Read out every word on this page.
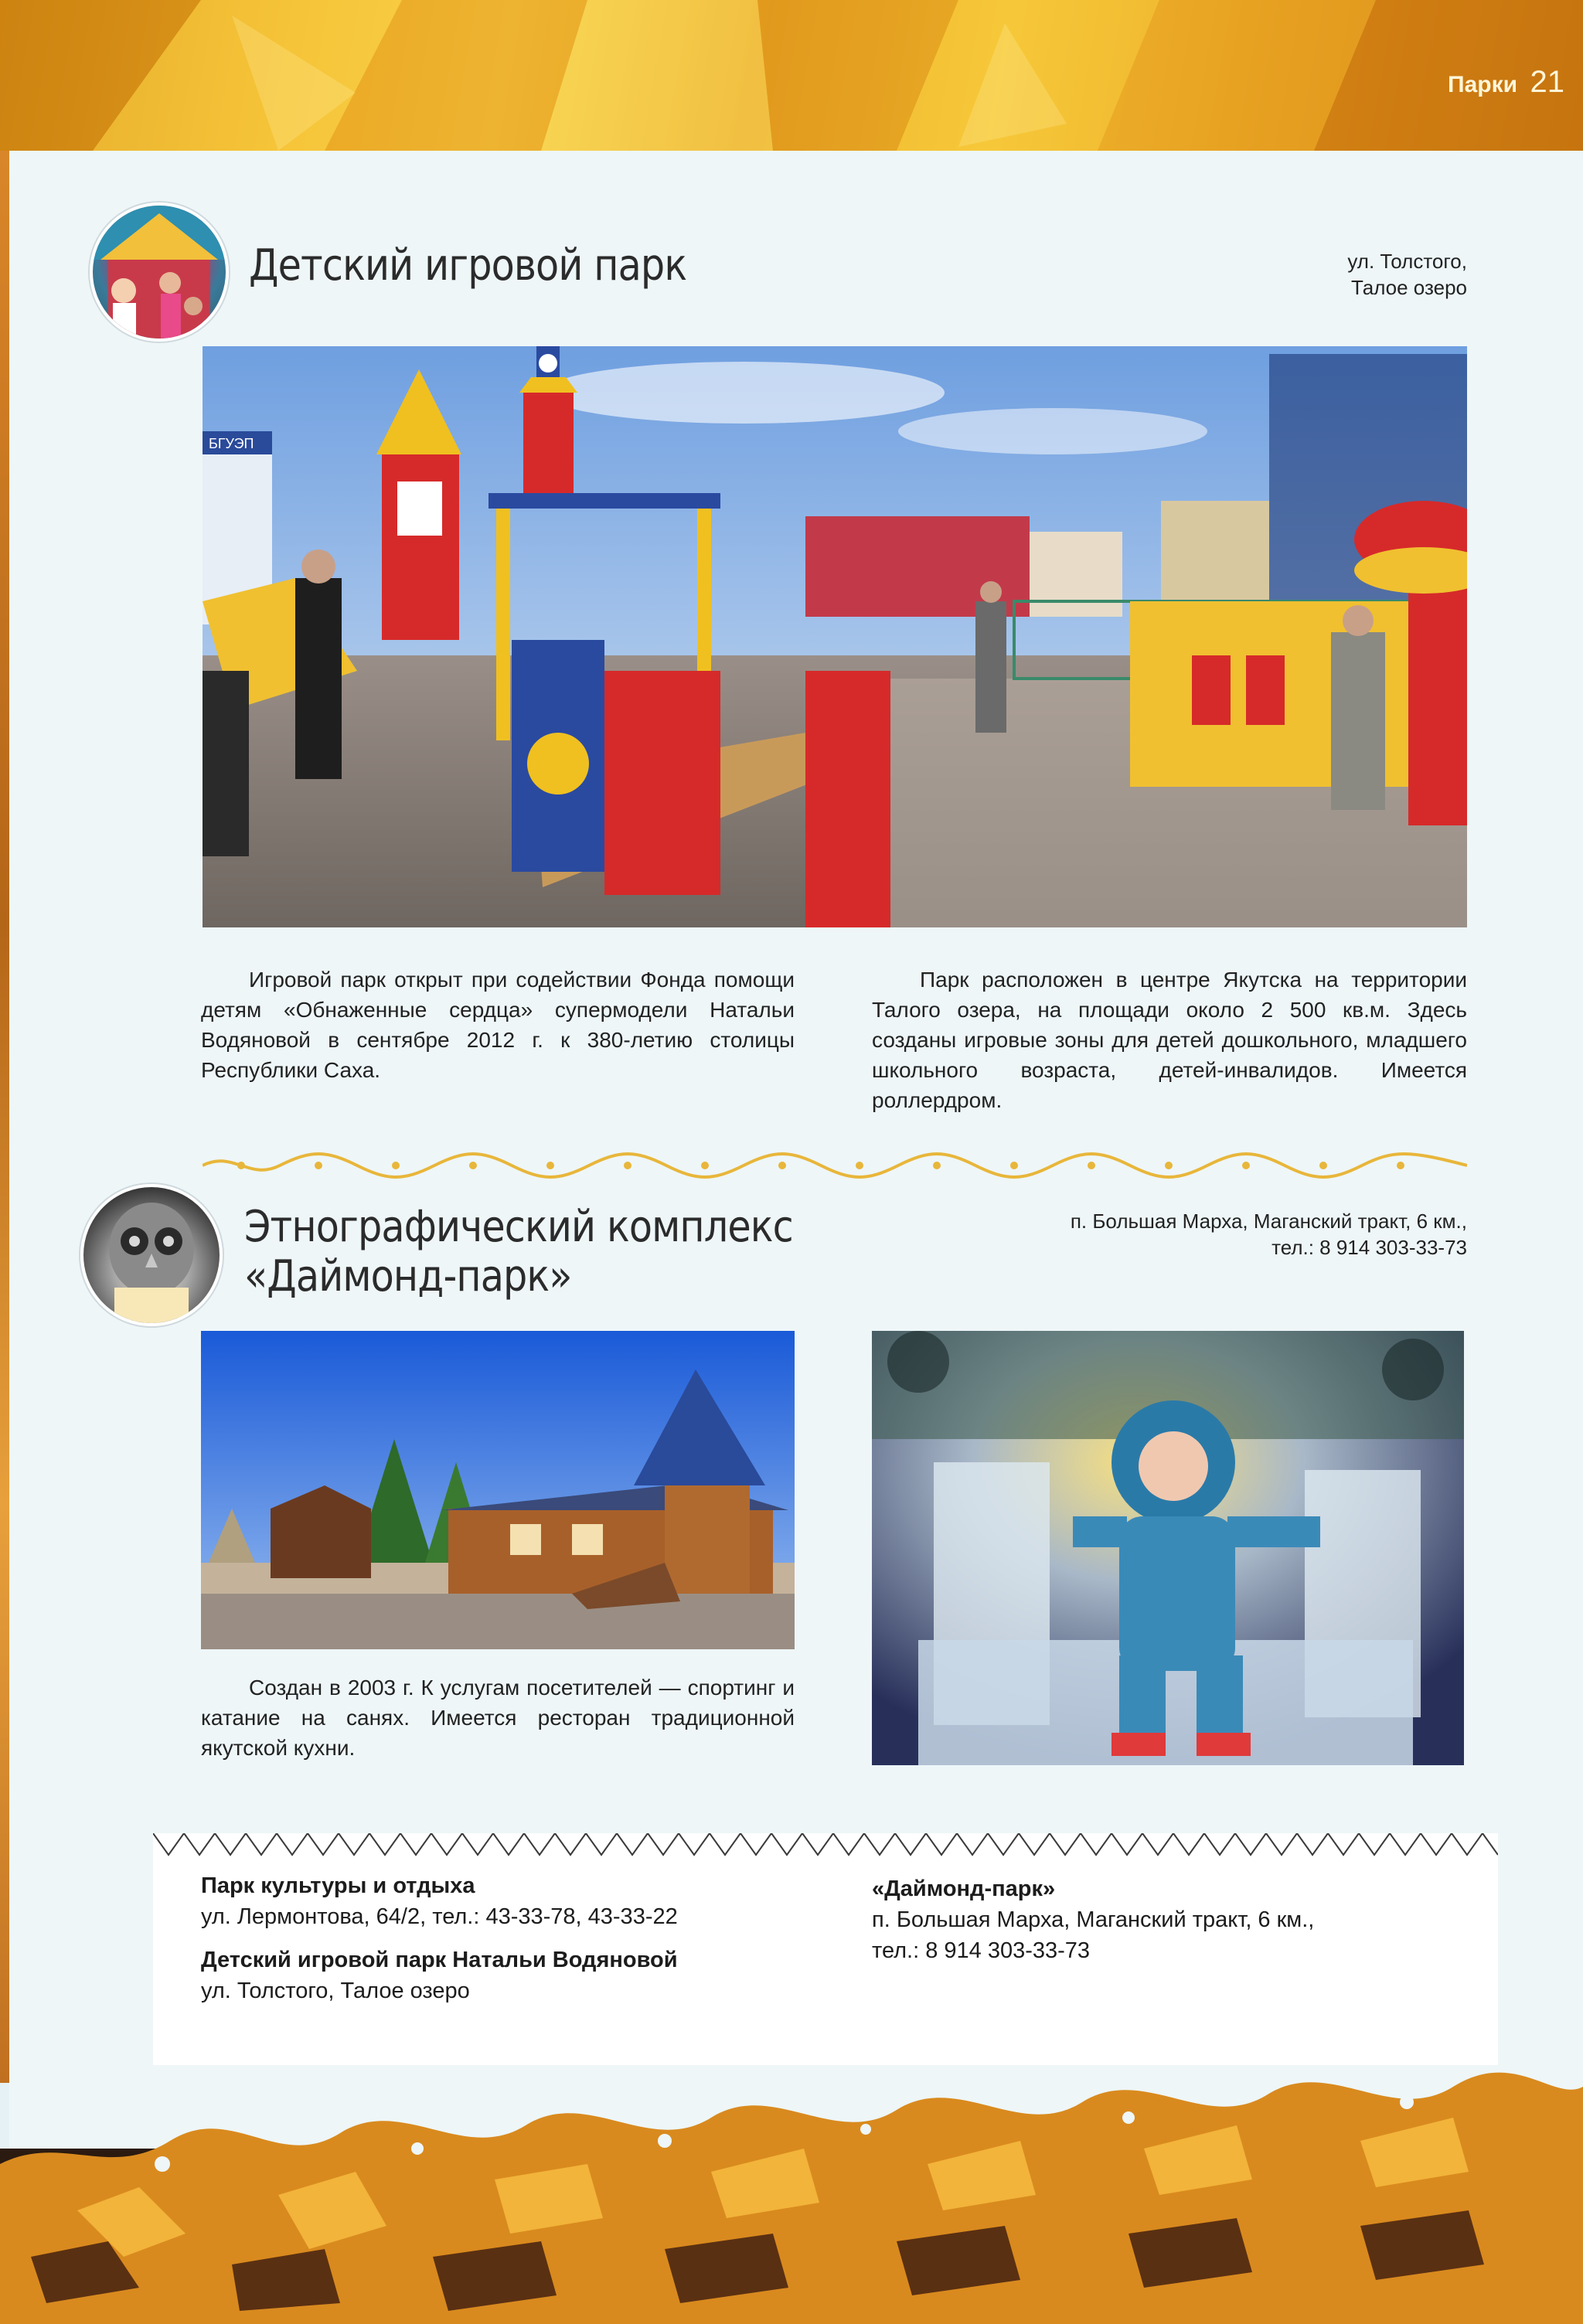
Парки 21
Детский игровой парк	ул. Толстого,
Талое озеро
БГУЭП
Игровой парк открыт при содействии Фонда помощи детям «Обнаженные сердца» супермодели Натальи Водяновой в сентябре 2012 г. к 380-летию столицы Республики Саха.
Парк расположен в центре Якутска на территории Талого озера, на площади около 2 500 кв.м. Здесь созданы игровые зоны для детей дошкольного, младшего школьного возраста, детей-инвалидов. Имеется роллердром.
Этнографический комплекс
«Даймонд-парк»
п. Большая Марха, Маганский тракт, 6 км.,
тел.: 8 914 303-33-73
Создан в 2003 г. К услугам посетителей — спортинг и катание на санях. Имеется ресторан традиционной якутской кухни.
Парк культуры и отдыха
ул. Лермонтова, 64/2, тел.: 43-33-78, 43-33-22
Детский игровой парк Натальи Водяновой
ул. Толстого, Талое озеро
«Даймонд-парк»
п. Большая Марха, Маганский тракт, 6 км.,
тел.: 8 914 303-33-73
